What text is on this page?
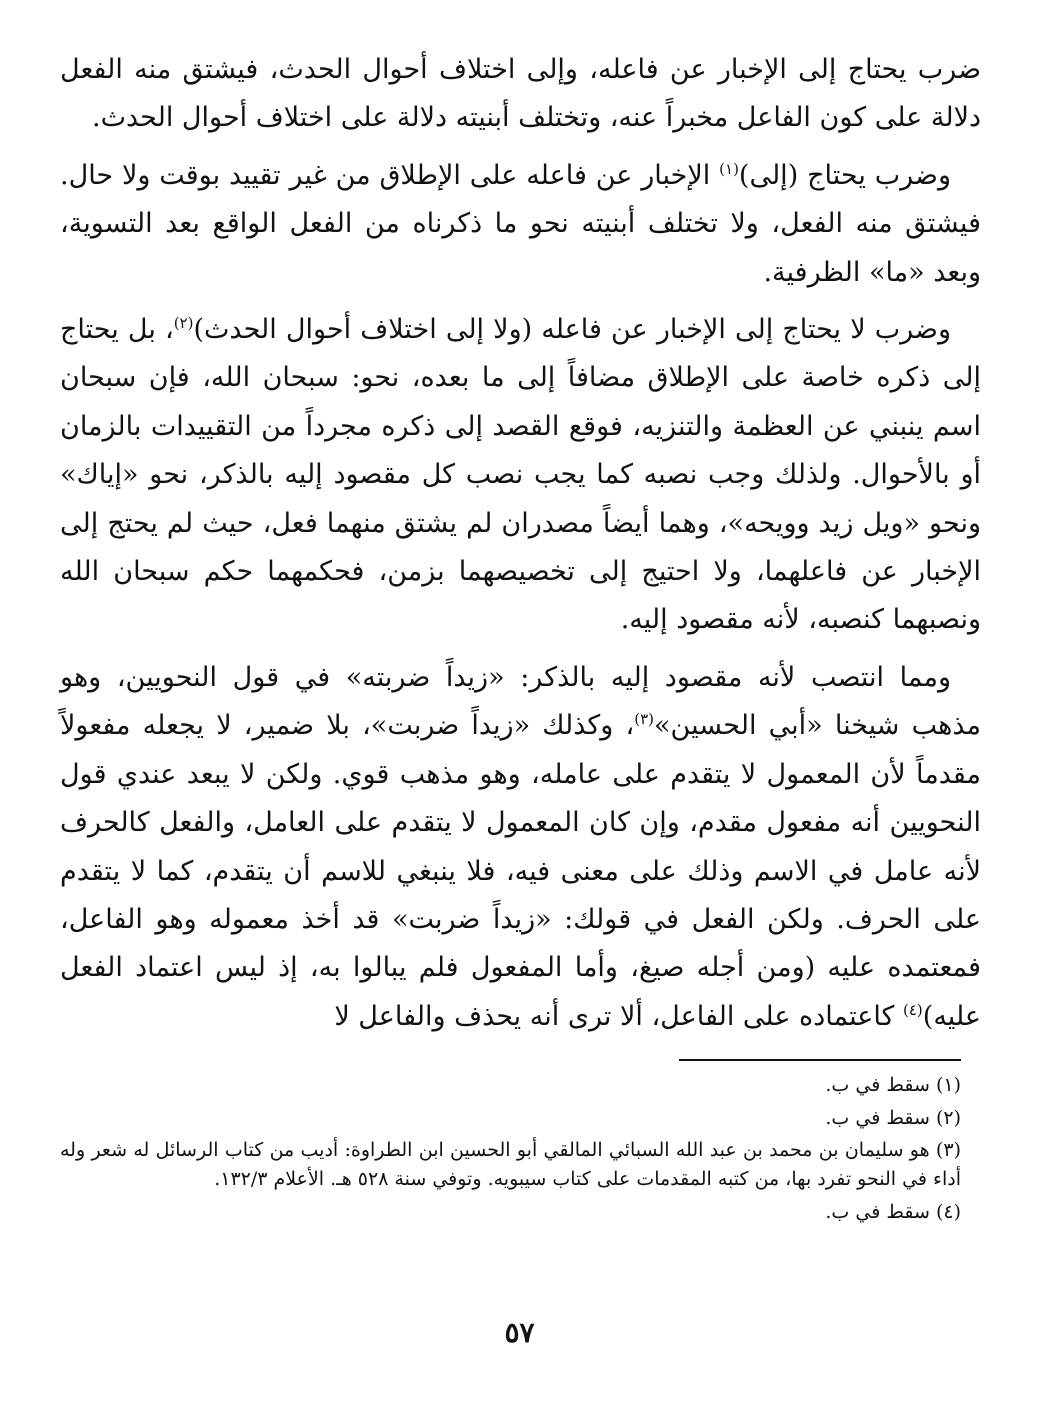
ضرب يحتاج إلى الإخبار عن فاعله، وإلى اختلاف أحوال الحدث، فيشتق منه الفعل دلالة على كون الفاعل مخبراً عنه، وتختلف أبنيته دلالة على اختلاف أحوال الحدث.

وضرب يحتاج (إلى)$^{(١)}$ الإخبار عن فاعله على الإطلاق من غير تقييد بوقت ولا حال. فيشتق منه الفعل، ولا تختلف أبنيته نحو ما ذكرناه من الفعل الواقع بعد التسوية، وبعد «ما» الظرفية.

وضرب لا يحتاج إلى الإخبار عن فاعله (ولا إلى اختلاف أحوال الحدث)$^{(٢)}$، بل يحتاج إلى ذكره خاصة على الإطلاق مضافاً إلى ما بعده، نحو: سبحان الله، فإن سبحان اسم ينبني عن العظمة والتنزيه، فوقع القصد إلى ذكره مجرداً من التقييدات بالزمان أو بالأحوال. ولذلك وجب نصبه كما يجب نصب كل مقصود إليه بالذكر، نحو «إياك» ونحو «ويل زيد وويحه»، وهما أيضاً مصدران لم يشتق منهما فعل، حيث لم يحتج إلى الإخبار عن فاعلهما، ولا احتيج إلى تخصيصهما بزمن، فحكمهما حكم سبحان الله ونصبهما كنصبه، لأنه مقصود إليه.

ومما انتصب لأنه مقصود إليه بالذكر: «زيداً ضربته» في قول النحويين، وهو مذهب شيخنا «أبي الحسين»$^{(٣)}$، وكذلك «زيداً ضربت»، بلا ضمير، لا يجعله مفعولاً مقدماً لأن المعمول لا يتقدم على عامله، وهو مذهب قوي. ولكن لا يبعد عندي قول النحويين أنه مفعول مقدم، وإن كان المعمول لا يتقدم على العامل، والفعل كالحرف لأنه عامل في الاسم وذلك على معنى فيه، فلا ينبغي للاسم أن يتقدم، كما لا يتقدم على الحرف. ولكن الفعل في قولك: «زيداً ضربت» قد أخذ معموله وهو الفاعل، فمعتمده عليه (ومن أجله صيغ، وأما المفعول فلم يبالوا به، إذ ليس اعتماد الفعل عليه)$^{(٤)}$ كاعتماده على الفاعل، ألا ترى أنه يحذف والفاعل لا

(١) سقط في ب.

(٢) سقط في ب.

(٣) هو سليمان بن محمد بن عبد الله السبائي المالقي أبو الحسين ابن الطراوة: أديب من كتاب الرسائل له شعر وله أداء في النحو تفرد بها، من كتبه المقدمات على كتاب سيبويه. وتوفي سنة ٥٢٨ هـ. الأعلام ١٣٢/٣.

(٤) سقط في ب.

٥٧
